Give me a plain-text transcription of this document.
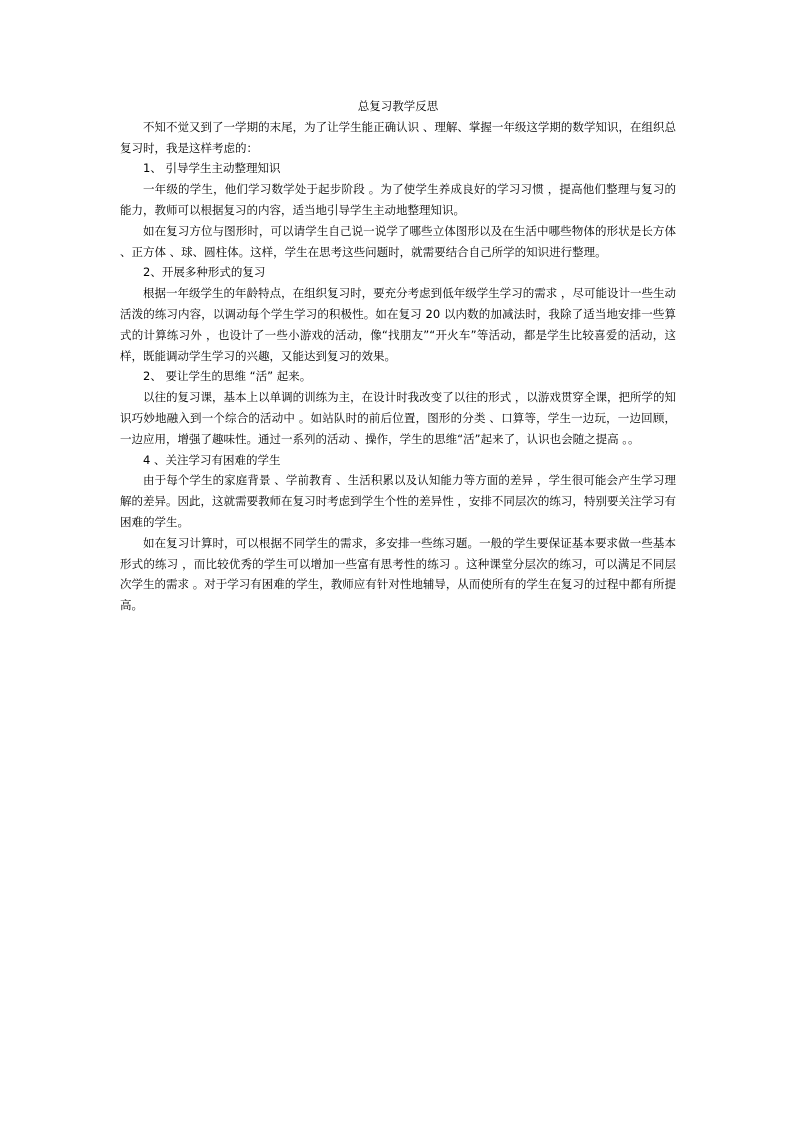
总复习教学反思

不知不觉又到了一学期的末尾，为了让学生能正确认识 、理解、掌握一年级这学期的数学知识，在组织总复习时，我是这样考虑的：

1、 引导学生主动整理知识

一年级的学生，他们学习数学处于起步阶段 。为了使学生养成良好的学习习惯 ，提高他们整理与复习的能力，教师可以根据复习的内容，适当地引导学生主动地整理知识。

如在复习方位与图形时，可以请学生自己说一说学了哪些立体图形以及在生活中哪些物体的形状是长方体 、正方体 、球、圆柱体。这样，学生在思考这些问题时，就需要结合自己所学的知识进行整理。

2、开展多种形式的复习

根据一年级学生的年龄特点，在组织复习时，要充分考虑到低年级学生学习的需求 ，尽可能设计一些生动活泼的练习内容，以调动每个学生学习的积极性。如在复习 20 以内数的加减法时，我除了适当地安排一些算式的计算练习外 ，也设计了一些小游戏的活动，像“找朋友”“开火车”等活动，都是学生比较喜爱的活动，这样，既能调动学生学习的兴趣，又能达到复习的效果。

2、 要让学生的思维 “活” 起来。

以往的复习课，基本上以单调的训练为主，在设计时我改变了以往的形式 ，以游戏贯穿全课，把所学的知识巧妙地融入到一个综合的活动中 。如站队时的前后位置，图形的分类 、口算等，学生一边玩，一边回顾，一边应用，增强了趣味性。通过一系列的活动 、操作，学生的思维“活”起来了，认识也会随之提高 。。

4 、关注学习有困难的学生

由于每个学生的家庭背景 、学前教育 、生活积累以及认知能力等方面的差异 ，学生很可能会产生学习理解的差异。因此，这就需要教师在复习时考虑到学生个性的差异性 ，安排不同层次的练习，特别要关注学习有困难的学生。

如在复习计算时，可以根据不同学生的需求，多安排一些练习题。一般的学生要保证基本要求做一些基本形式的练习 ，而比较优秀的学生可以增加一些富有思考性的练习 。这种课堂分层次的练习，可以满足不同层次学生的需求 。对于学习有困难的学生，教师应有针对性地辅导，从而使所有的学生在复习的过程中都有所提高。
